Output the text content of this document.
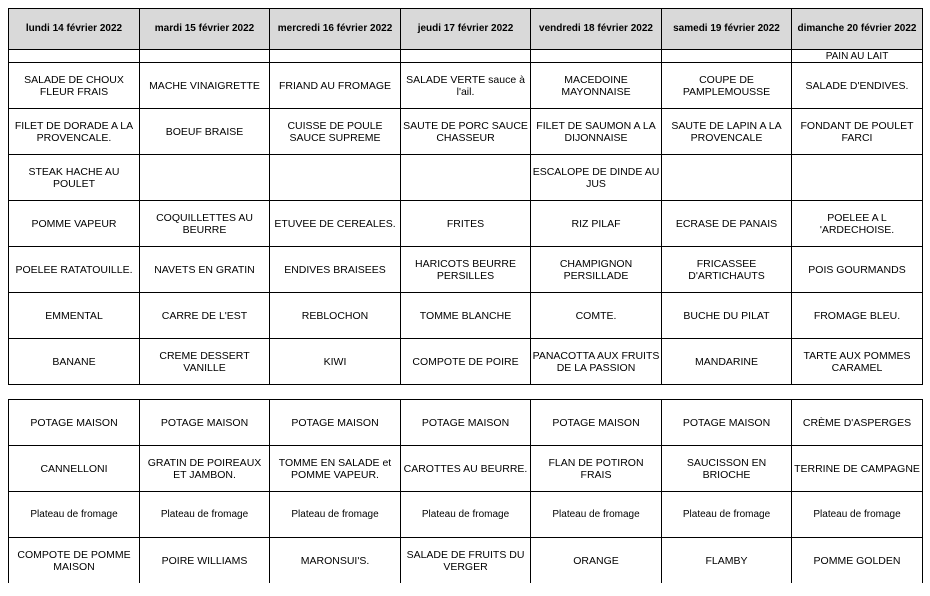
lundi 14 février 2022	mardi 15 février 2022	mercredi 16 février 2022	jeudi 17 février 2022	vendredi 18 février 2022	samedi 19 février 2022	dimanche 20 février 2022
						PAIN AU LAIT
SALADE DE CHOUX FLEUR FRAIS	MACHE VINAIGRETTE	FRIAND AU FROMAGE	SALADE VERTE sauce à l'ail.	MACEDOINE MAYONNAISE	COUPE DE PAMPLEMOUSSE	SALADE D'ENDIVES.
FILET DE DORADE A LA PROVENCALE.	BOEUF BRAISE	CUISSE DE POULE SAUCE SUPREME	SAUTE DE PORC SAUCE CHASSEUR	FILET DE SAUMON A LA DIJONNAISE	SAUTE DE LAPIN A LA PROVENCALE	FONDANT DE POULET FARCI
STEAK HACHE AU POULET				ESCALOPE DE DINDE AU JUS		
POMME VAPEUR	COQUILLETTES AU BEURRE	ETUVEE DE CEREALES.	FRITES	RIZ PILAF	ECRASE DE PANAIS	POELEE A L 'ARDECHOISE.
POELEE RATATOUILLE.	NAVETS EN GRATIN	ENDIVES BRAISEES	HARICOTS BEURRE PERSILLES	CHAMPIGNON PERSILLADE	FRICASSEE D'ARTICHAUTS	POIS GOURMANDS
EMMENTAL	CARRE DE L'EST	REBLOCHON	TOMME BLANCHE	COMTE.	BUCHE DU PILAT	FROMAGE BLEU.
BANANE	CREME DESSERT VANILLE	KIWI	COMPOTE DE POIRE	PANACOTTA AUX FRUITS DE LA PASSION	MANDARINE	TARTE AUX POMMES CARAMEL
POTAGE MAISON	POTAGE MAISON	POTAGE MAISON	POTAGE MAISON	POTAGE MAISON	POTAGE MAISON	CRÈME D'ASPERGES
CANNELLONI	GRATIN DE POIREAUX ET JAMBON.	TOMME EN SALADE et POMME VAPEUR.	CAROTTES AU BEURRE.	FLAN DE POTIRON FRAIS	SAUCISSON EN BRIOCHE	TERRINE DE CAMPAGNE
Plateau de fromage	Plateau de fromage	Plateau de fromage	Plateau de fromage	Plateau de fromage	Plateau de fromage	Plateau de fromage
COMPOTE DE POMME MAISON	POIRE WILLIAMS	MARONSUI'S.	SALADE DE FRUITS DU VERGER	ORANGE	FLAMBY	POMME GOLDEN
